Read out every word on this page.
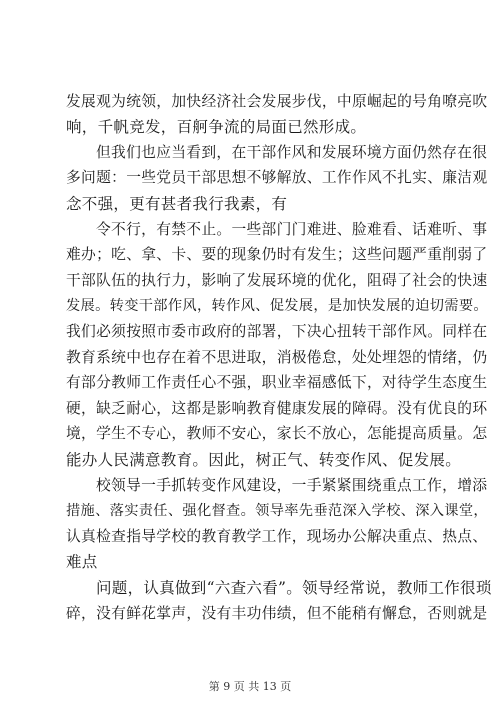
发展观为统领，加快经济社会发展步伐，中原崛起的号角嘹亮吹
响，千帆竞发，百舸争流的局面已然形成。
但我们也应当看到，在干部作风和发展环境方面仍然存在很
多问题：一些党员干部思想不够解放、工作作风不扎实、廉洁观
念不强，更有甚者我行我素，有
令不行，有禁不止。一些部门门难进、脸难看、话难听、事
难办；吃、拿、卡、要的现象仍时有发生；这些问题严重削弱了
干部队伍的执行力，影响了发展环境的优化，阻碍了社会的快速
发展。转变干部作风，转作风、促发展，是加快发展的迫切需要。
我们必须按照市委市政府的部署，下决心扭转干部作风。同样在
教育系统中也存在着不思进取，消极倦怠，处处埋怨的情绪，仍
有部分教师工作责任心不强，职业幸福感低下，对待学生态度生
硬，缺乏耐心，这都是影响教育健康发展的障碍。没有优良的环
境，学生不专心，教师不安心，家长不放心，怎能提高质量。怎
能办人民满意教育。因此，树正气、转变作风、促发展。
校领导一手抓转变作风建设，一手紧紧围绕重点工作，增添
措施、落实责任、强化督查。领导率先垂范深入学校、深入课堂，
认真检查指导学校的教育教学工作，现场办公解决重点、热点、
难点
问题，认真做到“六查六看”。领导经常说，教师工作很琐
碎，没有鲜花掌声，没有丰功伟绩，但不能稍有懈怠，否则就是
第 9 页 共 13 页
